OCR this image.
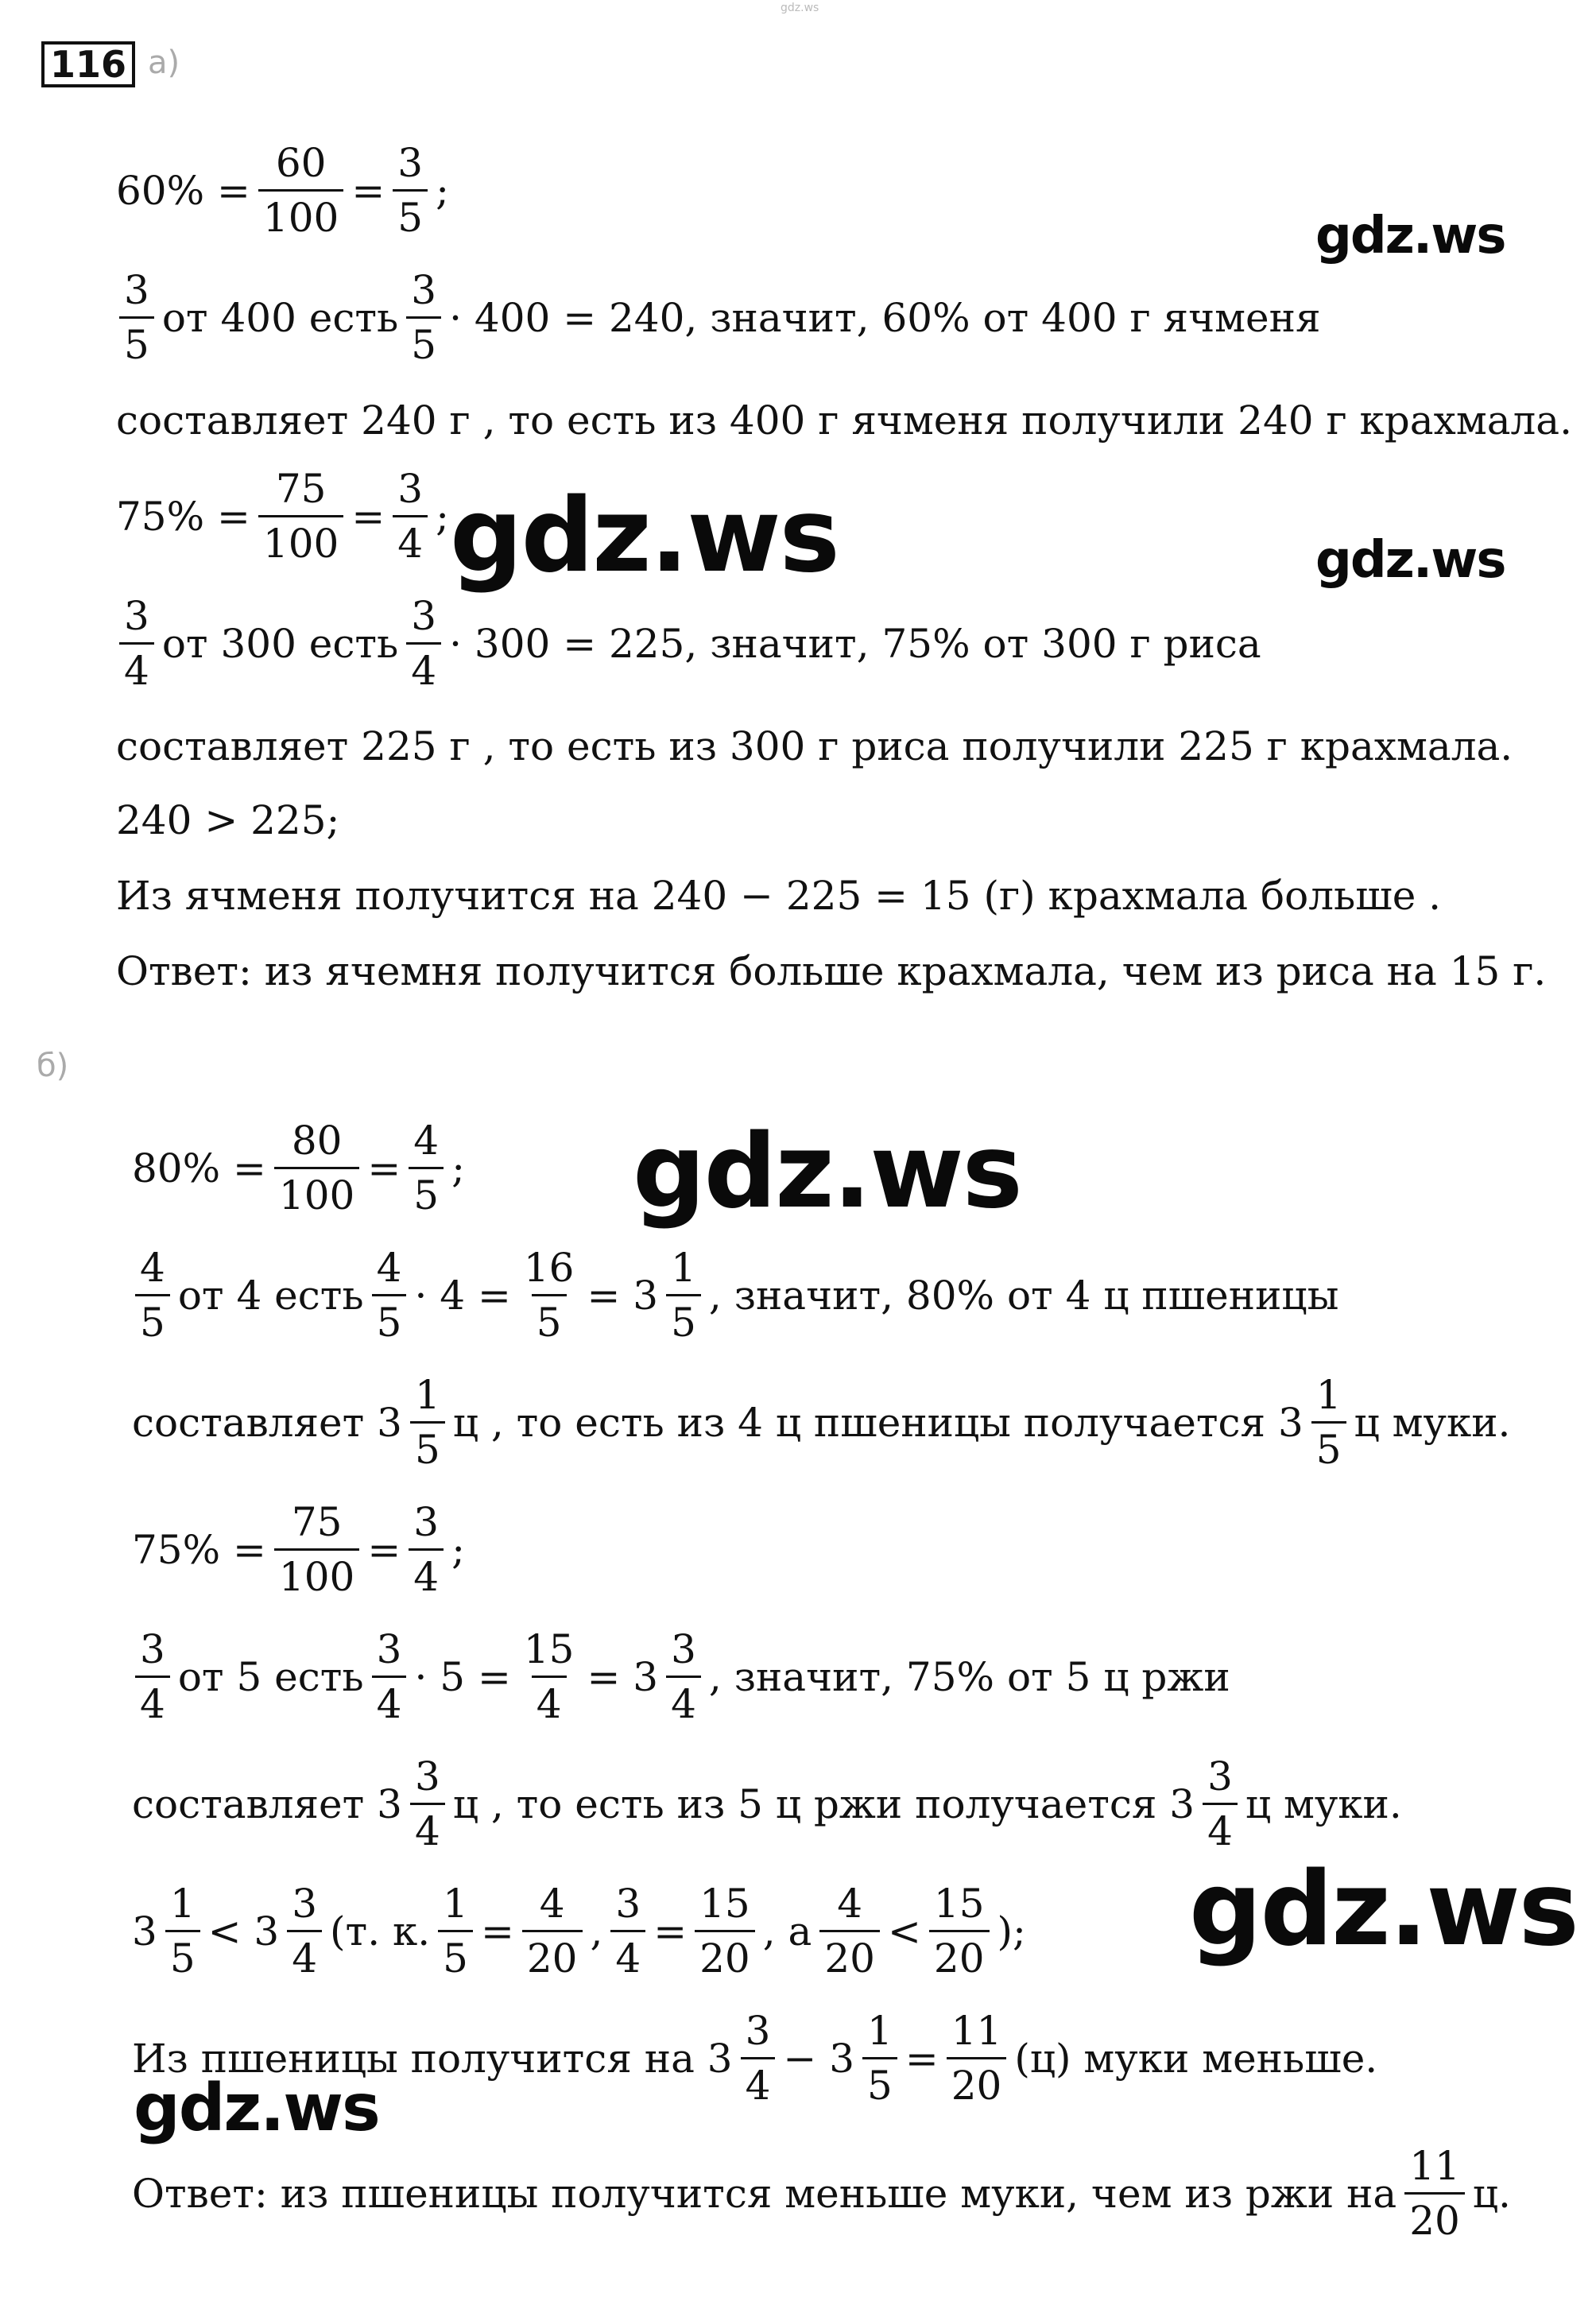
gdz.ws
116 а)
б)
$60\% = \frac{60}{100} = \frac{3}{5}$ ;
$\frac{3}{5}$ от 400 есть $\frac{3}{5} \cdot 400 = 240$, значит, 60% от 400 г ячменя
составляет 240 г , то есть из 400 г ячменя получили 240 г крахмала.
$75\% = \frac{75}{100} = \frac{3}{4}$ ;
$\frac{3}{4}$ от 300 есть $\frac{3}{4} \cdot 300 = 225$, значит, 75% от 300 г риса
составляет 225 г , то есть из 300 г риса получили 225 г крахмала.
240 > 225;
Из ячменя получится на 240 − 225 = 15 (г) крахмала больше .
Ответ: из ячемня получится больше крахмала, чем из риса на 15 г.
$80\% = \frac{80}{100} = \frac{4}{5}$ ;
$\frac{4}{5}$ от 4 есть $\frac{4}{5} \cdot 4 = \frac{16}{5} = 3 \frac{1}{5}$ , значит, 80% от 4 ц пшеницы
составляет $3 \frac{1}{5}$ ц , то есть из 4 ц пшеницы получается $3 \frac{1}{5}$ ц муки.
$75\% = \frac{75}{100} = \frac{3}{4}$ ;
$\frac{3}{4}$ от 5 есть $\frac{3}{4} \cdot 5 = \frac{15}{4} = 3 \frac{3}{4}$ , значит, 75% от 5 ц ржи
составляет $3 \frac{3}{4}$ ц , то есть из 5 ц ржи получается $3 \frac{3}{4}$ ц муки.
$3 \frac{1}{5} < 3 \frac{3}{4} (т$. к. $\frac{1}{5} = \frac{4}{20}$ , $\frac{3}{4} = \frac{15}{20}$ , а $\frac{4}{20} < \frac{15}{20}$ );
Из пшеницы получится на $3 \frac{3}{4} - 3 \frac{1}{5} = \frac{11}{20} (ц)$ муки меньше.
Ответ: из пшеницы получится меньше муки, чем из ржи на $\frac{11}{20} ц$.
gdz.ws
gdz.ws	gdz.ws
gdz.ws
gdz.ws
gdz.ws
